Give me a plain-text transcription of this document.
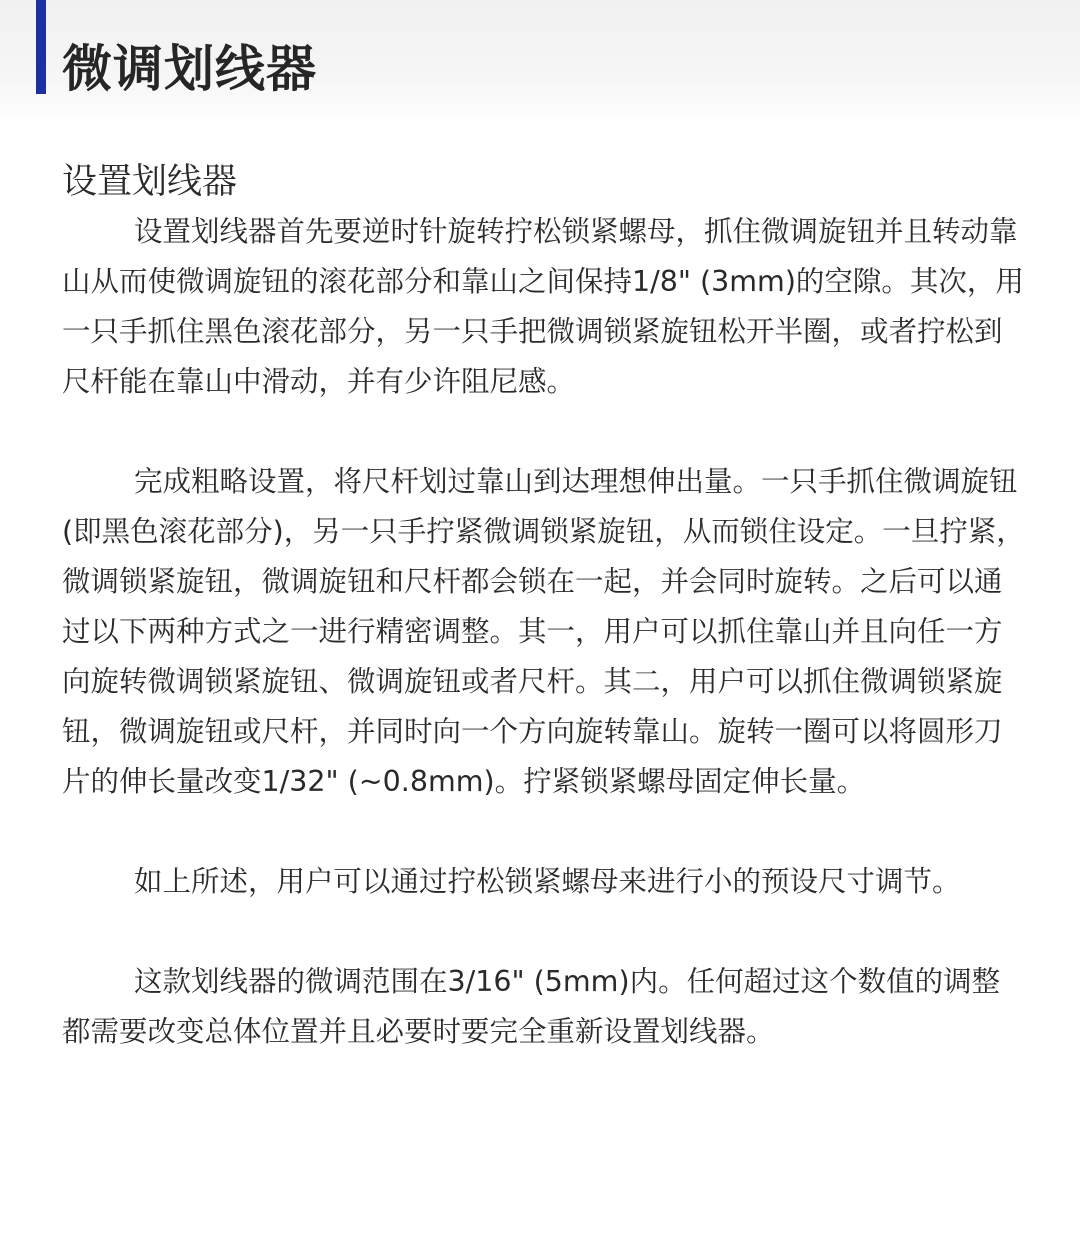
微调划线器
设置划线器

设置划线器首先要逆时针旋转拧松锁紧螺母，抓住微调旋钮并且转动靠山从而使微调旋钮的滚花部分和靠山之间保持1/8" (3mm)的空隙。其次，用一只手抓住黑色滚花部分，另一只手把微调锁紧旋钮松开半圈，或者拧松到尺杆能在靠山中滑动，并有少许阻尼感。

完成粗略设置，将尺杆划过靠山到达理想伸出量。一只手抓住微调旋钮(即黑色滚花部分)，另一只手拧紧微调锁紧旋钮，从而锁住设定。一旦拧紧，微调锁紧旋钮，微调旋钮和尺杆都会锁在一起，并会同时旋转。之后可以通过以下两种方式之一进行精密调整。其一，用户可以抓住靠山并且向任一方向旋转微调锁紧旋钮、微调旋钮或者尺杆。其二，用户可以抓住微调锁紧旋钮，微调旋钮或尺杆，并同时向一个方向旋转靠山。旋转一圈可以将圆形刀片的伸长量改变1/32" (~0.8mm)。拧紧锁紧螺母固定伸长量。

如上所述，用户可以通过拧松锁紧螺母来进行小的预设尺寸调节。

这款划线器的微调范围在3/16" (5mm)内。任何超过这个数值的调整都需要改变总体位置并且必要时要完全重新设置划线器。
